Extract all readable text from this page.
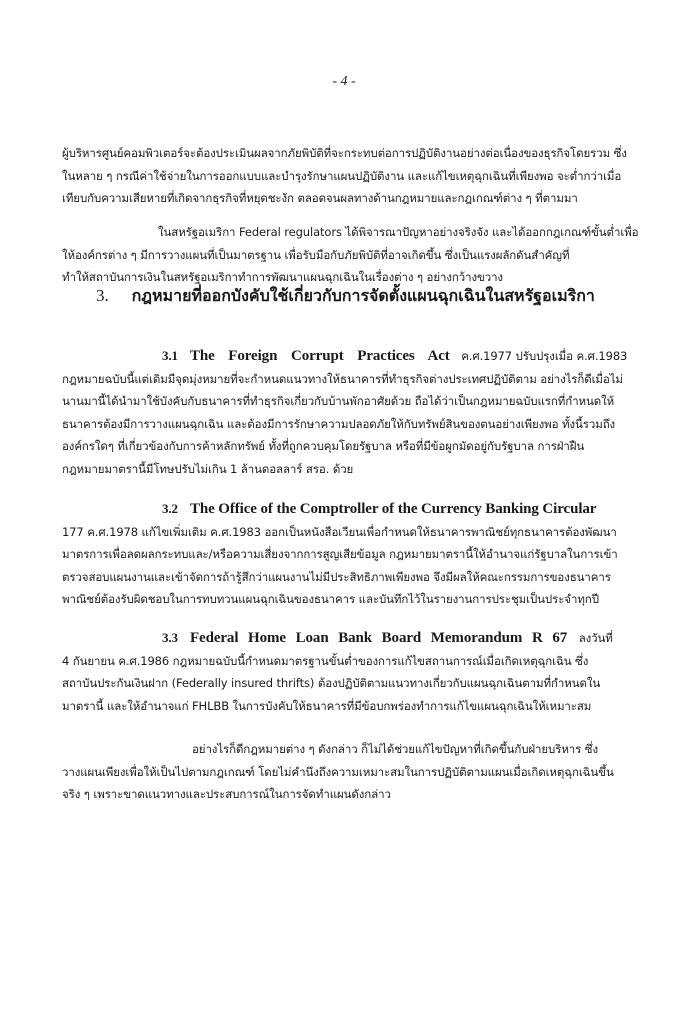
- 4 -
ผู้บริหารศูนย์คอมพิวเตอร์จะต้องประเมินผลจากภัยพิบัติที่จะกระทบต่อการปฏิบัติงานอย่างต่อเนื่องของธุรกิจโดยรวม ซึ่ง
ในหลาย ๆ กรณีค่าใช้จ่ายในการออกแบบและบำรุงรักษาแผนปฏิบัติงาน และแก้ไขเหตุฉุกเฉินที่เพียงพอ จะต่ำกว่าเมื่อ
เทียบกับความเสียหายที่เกิดจากธุรกิจที่หยุดชะงัก ตลอดจนผลทางด้านกฎหมายและกฎเกณฑ์ต่าง ๆ ที่ตามมา
ในสหรัฐอเมริกา Federal regulators ได้พิจารณาปัญหาอย่างจริงจัง และได้ออกกฎเกณฑ์ขั้นต่ำเพื่อ
ให้องค์กรต่าง ๆ มีการวางแผนที่เป็นมาตรฐาน เพื่อรับมือกับภัยพิบัติที่อาจเกิดขึ้น ซึ่งเป็นแรงผลักดันสำคัญที่
ทำให้สถาบันการเงินในสหรัฐอเมริกาทำการพัฒนาแผนฉุกเฉินในเรื่องต่าง ๆ อย่างกว้างขวาง
3. กฎหมายที่ออกบังคับใช้เกี่ยวกับการจัดตั้งแผนฉุกเฉินในสหรัฐอเมริกา
3.1 The Foreign Corrupt Practices Act ค.ศ.1977 ปรับปรุงเมื่อ ค.ศ.1983
กฎหมายฉบับนี้แต่เดิมมีจุดมุ่งหมายที่จะกำหนดแนวทางให้ธนาคารที่ทำธุรกิจต่างประเทศปฏิบัติตาม อย่างไรก็ดีเมื่อไม่
นานมานี้ได้นำมาใช้บังคับกับธนาคารที่ทำธุรกิจเกี่ยวกับบ้านพักอาศัยด้วย ถือได้ว่าเป็นกฎหมายฉบับแรกที่กำหนดให้
ธนาคารต้องมีการวางแผนฉุกเฉิน และต้องมีการรักษาความปลอดภัยให้กับทรัพย์สินของตนอย่างเพียงพอ ทั้งนี้รวมถึง
องค์กรใดๆ ที่เกี่ยวข้องกับการค้าหลักทรัพย์ ทั้งที่ถูกควบคุมโดยรัฐบาล หรือที่มีข้อผูกมัดอยู่กับรัฐบาล การฝ่าฝืน
กฎหมายมาตรานี้มีโทษปรับไม่เกิน 1 ล้านดอลลาร์ สรอ. ด้วย
3.2 The Office of the Comptroller of the Currency Banking Circular
177 ค.ศ.1978 แก้ไขเพิ่มเติม ค.ศ.1983 ออกเป็นหนังสือเวียนเพื่อกำหนดให้ธนาคารพาณิชย์ทุกธนาคารต้องพัฒนา
มาตรการเพื่อลดผลกระทบและ/หรือความเสี่ยงจากการสูญเสียข้อมูล กฎหมายมาตรานี้ให้อำนาจแก่รัฐบาลในการเข้า
ตรวจสอบแผนงานและเข้าจัดการถ้ารู้สึกว่าแผนงานไม่มีประสิทธิภาพเพียงพอ จึงมีผลให้คณะกรรมการของธนาคาร
พาณิชย์ต้องรับผิดชอบในการทบทวนแผนฉุกเฉินของธนาคาร และบันทึกไว้ในรายงานการประชุมเป็นประจำทุกปี
3.3 Federal Home Loan Bank Board Memorandum R 67 ลงวันที่
4 กันยายน ค.ศ.1986 กฎหมายฉบับนี้กำหนดมาตรฐานขั้นต่ำของการแก้ไขสถานการณ์เมื่อเกิดเหตุฉุกเฉิน ซึ่ง
สถาบันประกันเงินฝาก (Federally insured thrifts) ต้องปฏิบัติตามแนวทางเกี่ยวกับแผนฉุกเฉินตามที่กำหนดใน
มาตรานี้ และให้อำนาจแก่ FHLBB ในการบังคับให้ธนาคารที่มีข้อบกพร่องทำการแก้ไขแผนฉุกเฉินให้เหมาะสม
อย่างไรก็ดีกฎหมายต่าง ๆ ดังกล่าว ก็ไม่ได้ช่วยแก้ไขปัญหาที่เกิดขึ้นกับฝ่ายบริหาร ซึ่ง
วางแผนเพียงเพื่อให้เป็นไปตามกฎเกณฑ์ โดยไม่คำนึงถึงความเหมาะสมในการปฏิบัติตามแผนเมื่อเกิดเหตุฉุกเฉินขึ้น
จริง ๆ เพราะขาดแนวทางและประสบการณ์ในการจัดทำแผนดังกล่าว
